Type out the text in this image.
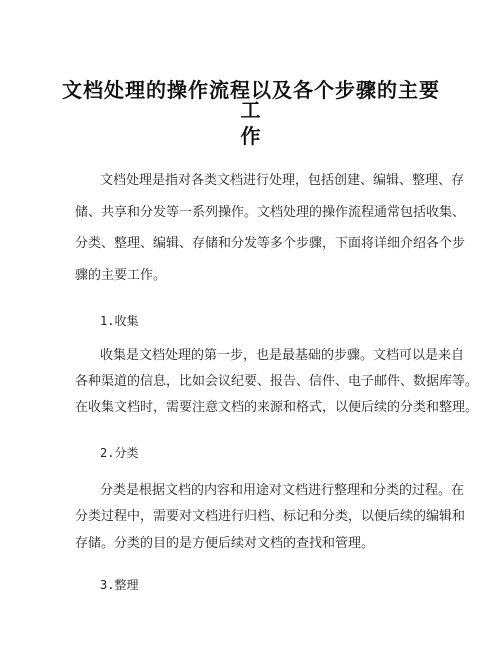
文档处理的操作流程以及各个步骤的主要工
作
文档处理是指对各类文档进行处理，包括创建、编辑、整理、存
储、共享和分发等一系列操作。文档处理的操作流程通常包括收集、
分类、整理、编辑、存储和分发等多个步骤，下面将详细介绍各个步
骤的主要工作。
1.收集
收集是文档处理的第一步，也是最基础的步骤。文档可以是来自
各种渠道的信息，比如会议纪要、报告、信件、电子邮件、数据库等。
在收集文档时，需要注意文档的来源和格式，以便后续的分类和整理。
2.分类
分类是根据文档的内容和用途对文档进行整理和分类的过程。在
分类过程中，需要对文档进行归档、标记和分类，以便后续的编辑和
存储。分类的目的是方便后续对文档的查找和管理。
3.整理
